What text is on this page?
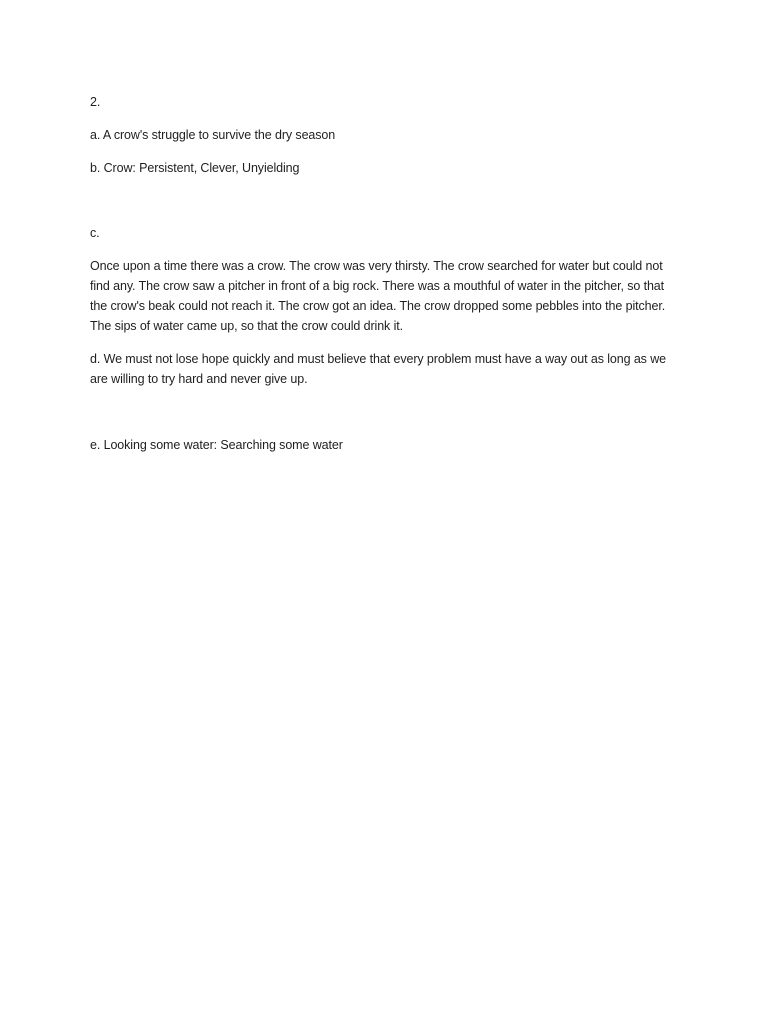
2.

a. A crow's struggle to survive the dry season

b. Crow: Persistent, Clever, Unyielding

c.

Once upon a time there was a crow. The crow was very thirsty. The crow searched for water but could not find any. The crow saw a pitcher in front of a big rock. There was a mouthful of water in the pitcher, so that the crow's beak could not reach it. The crow got an idea. The crow dropped some pebbles into the pitcher. The sips of water came up, so that the crow could drink it.

d. We must not lose hope quickly and must believe that every problem must have a way out as long as we are willing to try hard and never give up.

e. Looking some water: Searching some water
